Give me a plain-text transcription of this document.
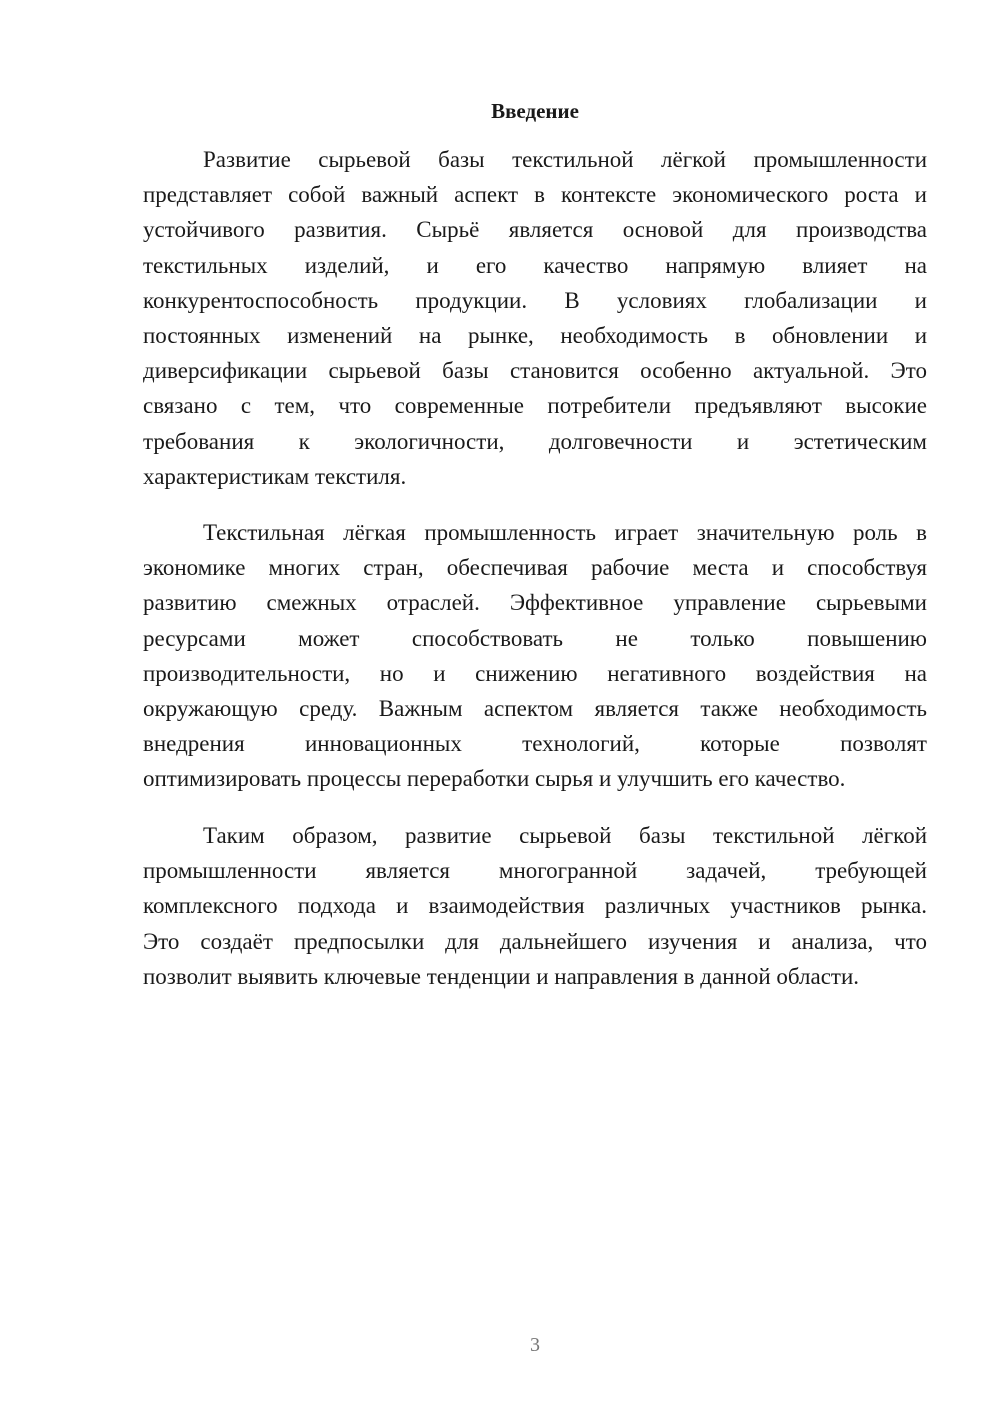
Введение
Развитие сырьевой базы текстильной лёгкой промышленности
представляет собой важный аспект в контексте экономического роста и
устойчивого развития. Сырьё является основой для производства
текстильных изделий, и его качество напрямую влияет на
конкурентоспособность продукции. В условиях глобализации и
постоянных изменений на рынке, необходимость в обновлении и
диверсификации сырьевой базы становится особенно актуальной. Это
связано с тем, что современные потребители предъявляют высокие
требования к экологичности, долговечности и эстетическим
характеристикам текстиля.
Текстильная лёгкая промышленность играет значительную роль в
экономике многих стран, обеспечивая рабочие места и способствуя
развитию смежных отраслей. Эффективное управление сырьевыми
ресурсами может способствовать не только повышению
производительности, но и снижению негативного воздействия на
окружающую среду. Важным аспектом является также необходимость
внедрения инновационных технологий, которые позволят
оптимизировать процессы переработки сырья и улучшить его качество.
Таким образом, развитие сырьевой базы текстильной лёгкой
промышленности является многогранной задачей, требующей
комплексного подхода и взаимодействия различных участников рынка.
Это создаёт предпосылки для дальнейшего изучения и анализа, что
позволит выявить ключевые тенденции и направления в данной области.
3
